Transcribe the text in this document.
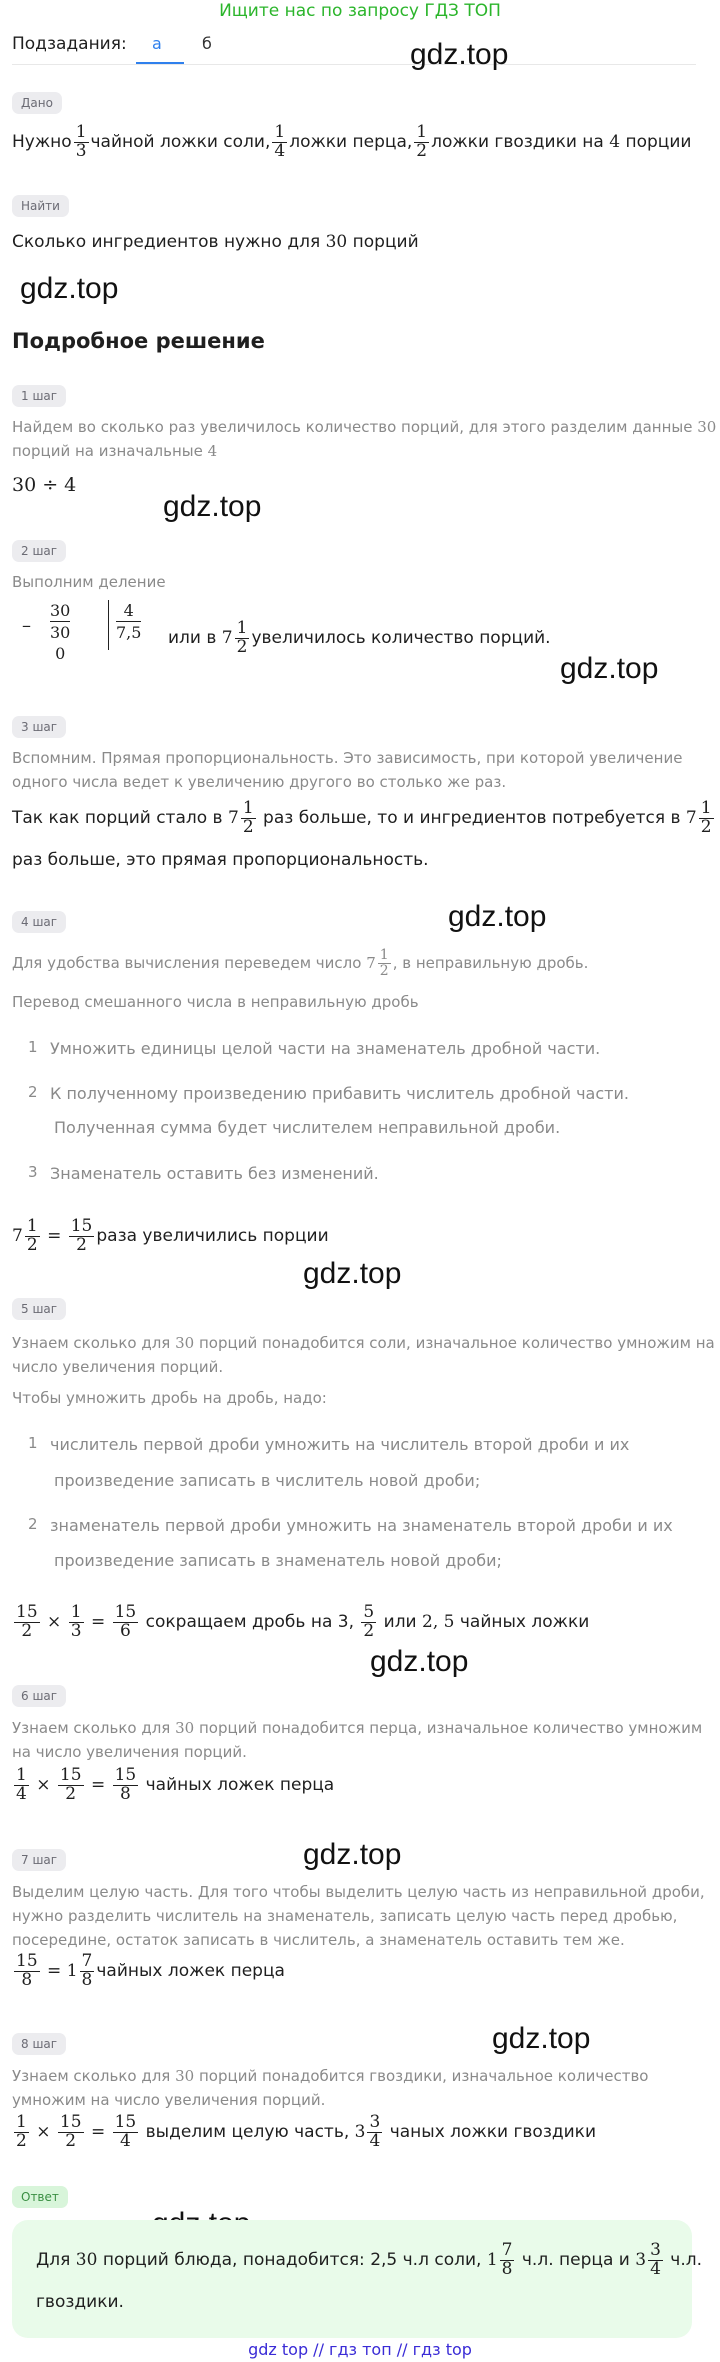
Ищите нас по запросу ГДЗ ТОП
Подзадания:	а	б	gdz.top
gdz.top
gdz.top
gdz.top
gdz.top
gdz.top
gdz.top
gdz.top
gdz.top
Дано
Нужно $\frac{1}{3}$ чайной ложки соли, $\frac{1}{4}$ ложки перца, $\frac{1}{2}$ ложки гвоздики на
4
порции
Найти
Сколько ингредиентов нужно для 30 порций
Подробное решение
1 шаг
Найдем во сколько раз увеличилось количество порций, для этого разделим данные 30
порций на изначальные 4
30 ÷ 4
2 шаг
Выполним деление
–
30
30
0
4
7,5 или в
$7 \frac{1}{2}$ увеличилось количество порций.
3 шаг
Вспомним. Прямая пропорциональность. Это зависимость, при которой увеличение
одного числа ведет к увеличению другого во столько же раз.
Так как порций стало в
$7 \frac{1}{2}$
раз больше, то и ингредиентов потребуется в
$7 \frac{1}{2}$
раз больше, это прямая пропорциональность.
4 шаг
Для удобства вычисления переведем число
$7 \frac{1}{2}$ , в неправильную дробь.
Перевод смешанного числа в неправильную дробь
1 Умножить единицы целой части на знаменатель дробной части.
2 К полученному произведению прибавить числитель дробной части.
Полученная сумма будет числителем неправильной дроби.
3 Знаменатель оставить без изменений.
$7 \frac{1}{2}$
=
$\frac{15}{2}$ раза увеличились порции
5 шаг
Узнаем сколько для 30 порций понадобится соли, изначальное количество умножим на
число увеличения порций.
Чтобы умножить дробь на дробь, надо:
1 числитель первой дроби умножить на числитель второй дроби и их
произведение записать в числитель новой дроби;
2 знаменатель первой дроби умножить на знаменатель второй дроби и их
произведение записать в знаменатель новой дроби;
$\frac{15}{2}$
×
$\frac{1}{3}$
=
$\frac{15}{6}$
сокращаем дробь на 3,
$\frac{5}{2}$
или
2, 5
чайных ложки
6 шаг
Узнаем сколько для 30 порций понадобится перца, изначальное количество умножим
на число увеличения порций.
$\frac{1}{4}$
×
$\frac{15}{2}$
=
$\frac{15}{8}$
чайных ложек перца
7 шаг
Выделим целую часть. Для того чтобы выделить целую часть из неправильной дроби,
нужно разделить числитель на знаменатель, записать целую часть перед дробью,
посередине, остаток записать в числитель, а знаменатель оставить тем же.
$\frac{15}{8}$
=
$1 \frac{7}{8}$ чайных ложек перца
8 шаг
Узнаем сколько для 30 порций понадобится гвоздики, изначальное количество
умножим на число увеличения порций.
$\frac{1}{2}$
×
$\frac{15}{2}$
=
$\frac{15}{4}$
выделим целую часть,
$3 \frac{3}{4}$
чаных ложки гвоздики
Ответ
Для
30
порций блюда, понадобится: 2,5 ч.л соли,
$1 \frac{7}{8}$
ч.л. перца и
$3 \frac{3}{4}$
ч.л.
гвоздики.
gdz top // гдз топ // гдз top
